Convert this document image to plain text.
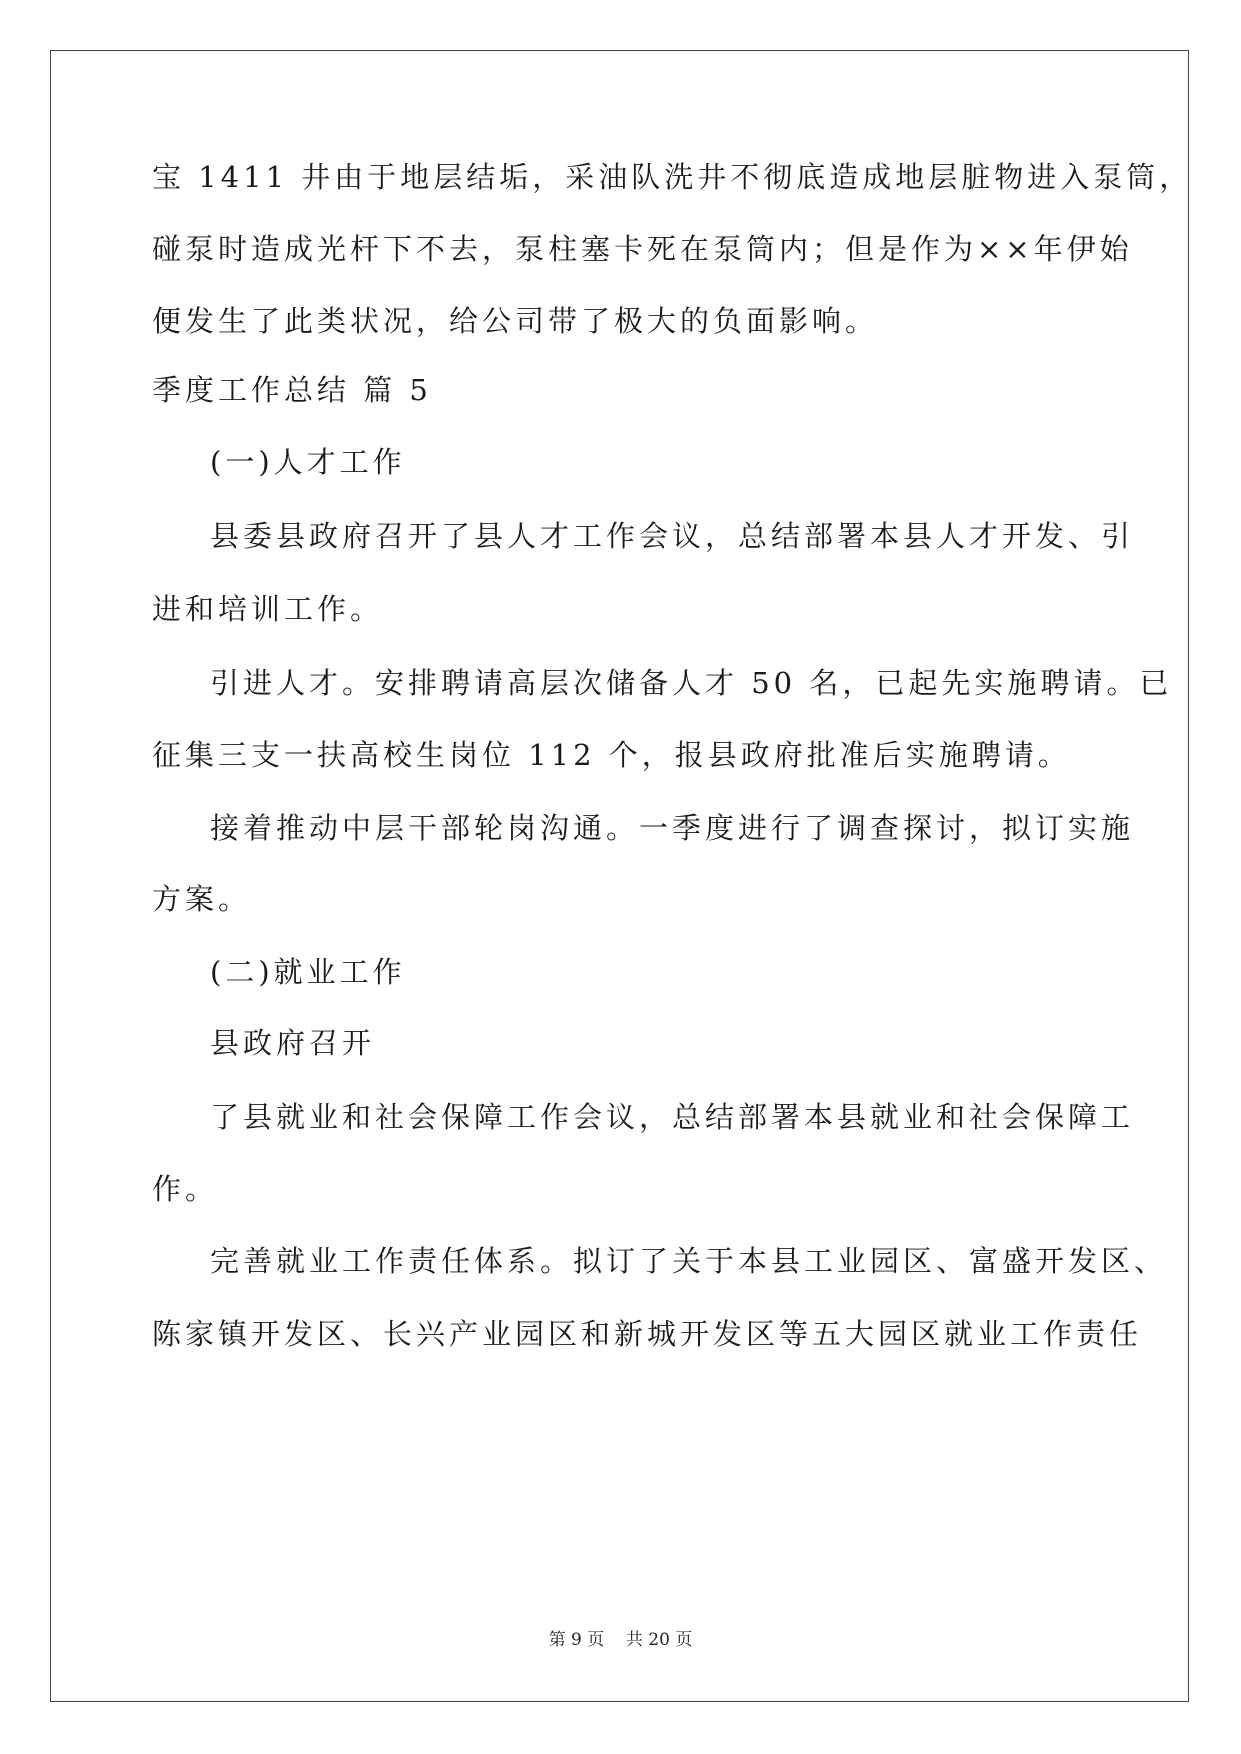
宝 1411 井由于地层结垢，采油队洗井不彻底造成地层脏物进入泵筒，
碰泵时造成光杆下不去，泵柱塞卡死在泵筒内；但是作为××年伊始
便发生了此类状况，给公司带了极大的负面影响。
季度工作总结 篇 5
(一)人才工作
县委县政府召开了县人才工作会议，总结部署本县人才开发、引
进和培训工作。
引进人才。安排聘请高层次储备人才 50 名，已起先实施聘请。已
征集三支一扶高校生岗位 112 个，报县政府批准后实施聘请。
接着推动中层干部轮岗沟通。一季度进行了调查探讨，拟订实施
方案。
(二)就业工作
县政府召开
了县就业和社会保障工作会议，总结部署本县就业和社会保障工
作。
完善就业工作责任体系。拟订了关于本县工业园区、富盛开发区、
陈家镇开发区、长兴产业园区和新城开发区等五大园区就业工作责任
第 9 页    共 20 页
